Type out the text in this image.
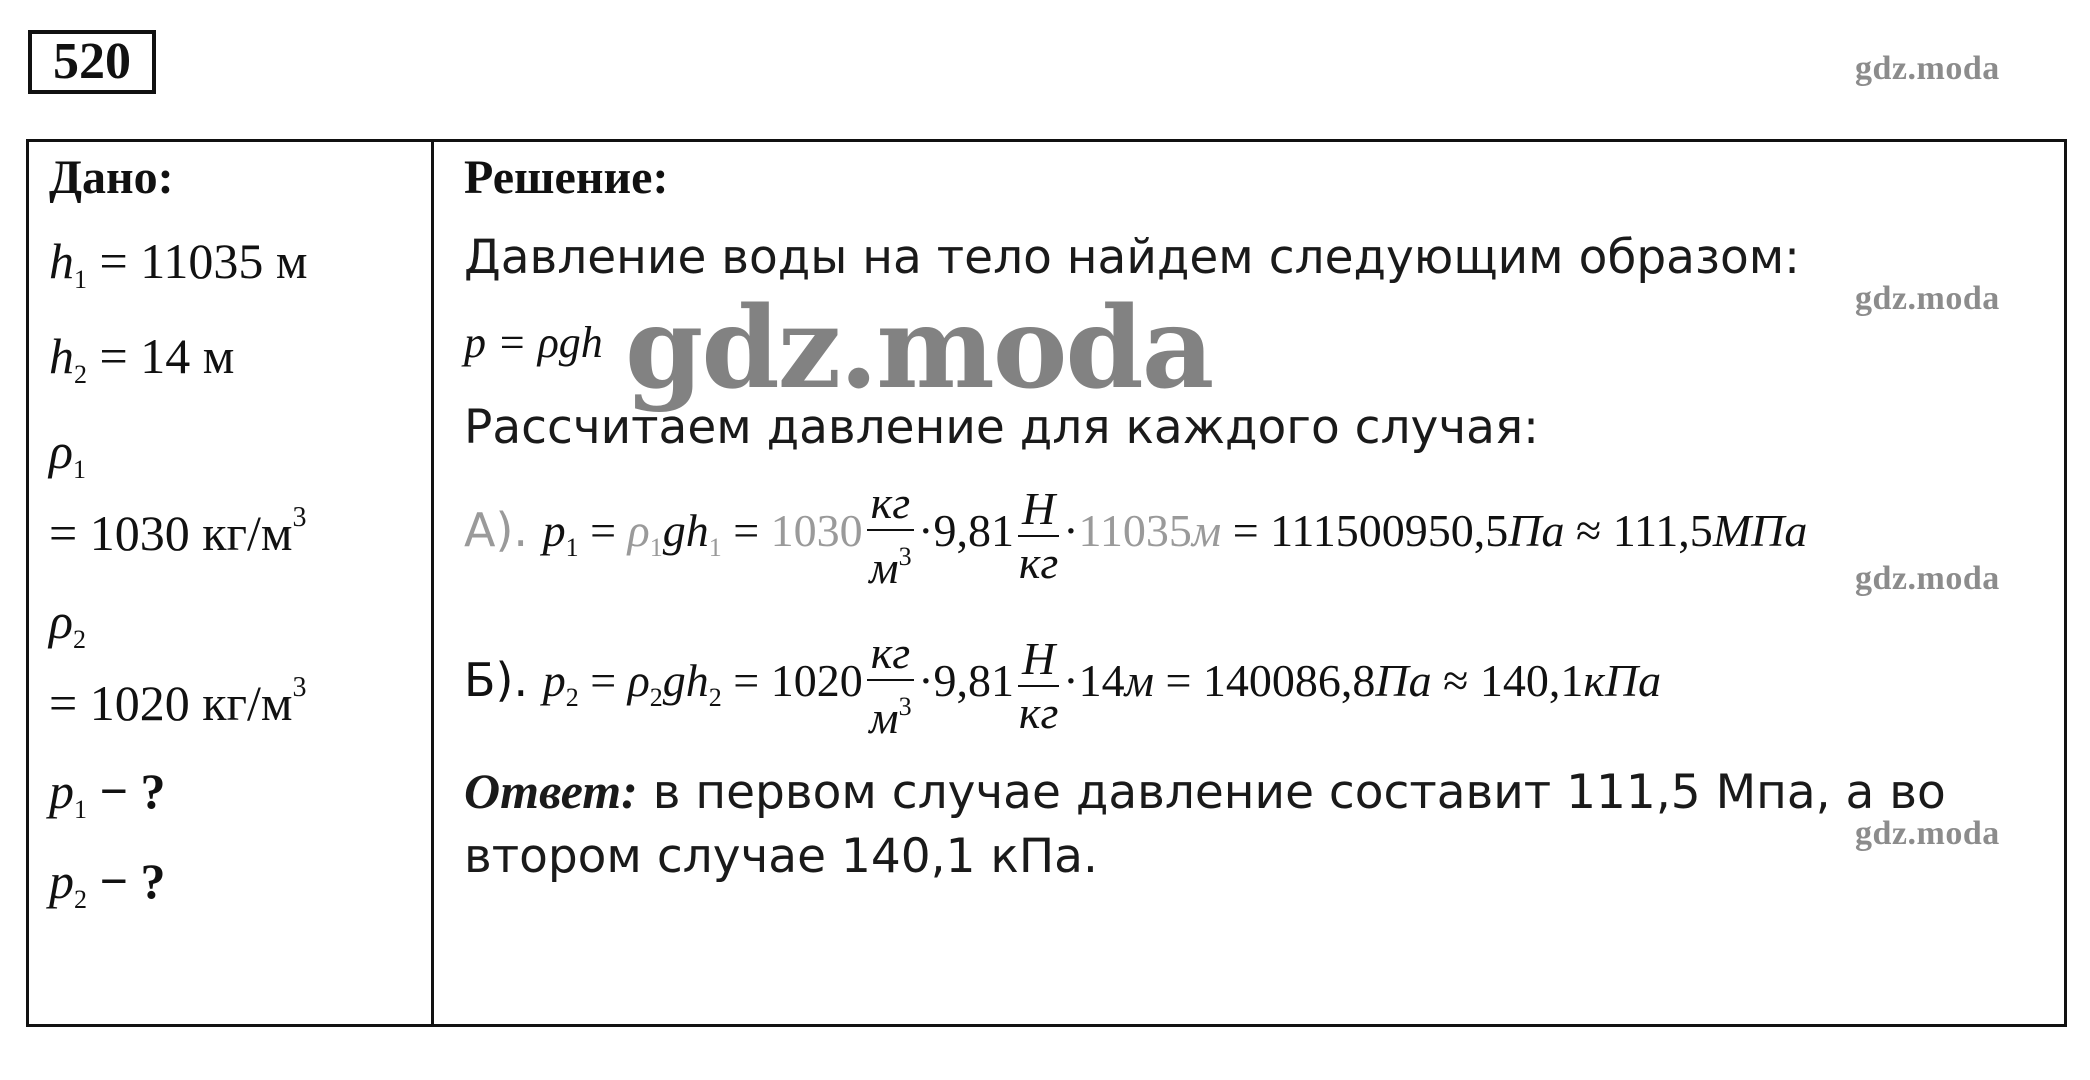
520	gdz.moda
gdz.moda
gdz.moda
gdz.moda
Дано:
$h_1 = 11035$ м
$h_2 = 14$ м
$\rho_1$
= 1030 $кг/м^3$
$\rho_2$
= 1020 $кг/м^3$
$p_1$ − ?
$p_2$ − ?
Решение:
Давление воды на тело найдем следующим образом:
p = ρgh
Рассчитаем давление для каждого случая:
А). $p_1 = \rho_1gh_1 = 1030 \frac{кг}{м^3} \cdot 9,81 \frac{Н}{кг} \cdot 11035м = 111500950,5Па \approx 111,5МПа$
Б). $p_2 = \rho_2gh_2 = 1020 \frac{кг}{м^3} \cdot 9,81 \frac{Н}{кг} \cdot 14м = 140086,8Па \approx 140,1кПа$
Ответ: в первом случае давление составит 111,5 Мпа, а во втором случае 140,1 кПа.
gdz.moda
